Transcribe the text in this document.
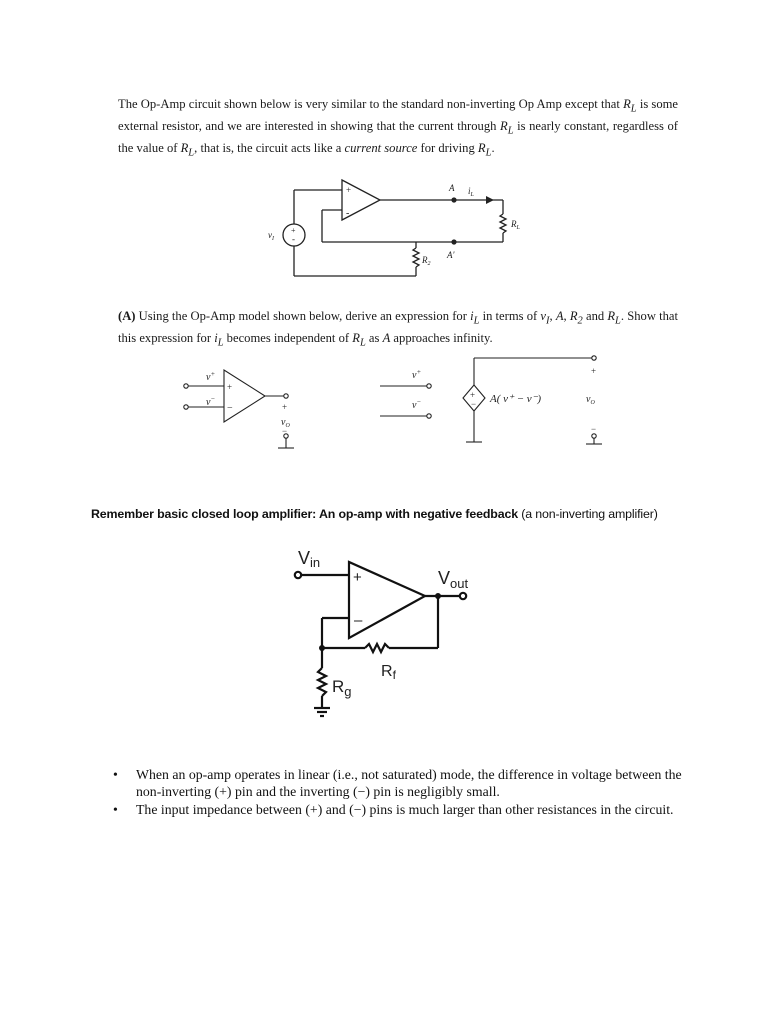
The Op-Amp circuit shown below is very similar to the standard non-inverting Op Amp except that $R_L$ is some external resistor, and we are interested in showing that the current through $R_L$ is nearly constant, regardless of the value of $R_L$, that is, the circuit acts like a current source for driving $R_L$.

+
-
+
-
$v_I$
A $i_L$
$R_L$
$R_2$
A'

(A) Using the Op-Amp model shown below, derive an expression for $i_L$ in terms of $v_I$, A, $R_2$ and $R_L$. Show that this expression for $i_L$ becomes independent of $R_L$ as A approaches infinity.

v+
v−
+
−	+
$v_O$
−
v+
v−
+
− A( v⁺ − v⁻)
+
$v_O$
−

Remember basic closed loop amplifier: An op-amp with negative feedback (a non-inverting amplifier)

Vin
$V_{out}$
+
–
Rf
$R_g$
• When an op-amp operates in linear (i.e., not saturated) mode, the difference in voltage between the non-inverting (+) pin and the inverting (−) pin is negligibly small.
• The input impedance between (+) and (−) pins is much larger than other resistances in the circuit.
